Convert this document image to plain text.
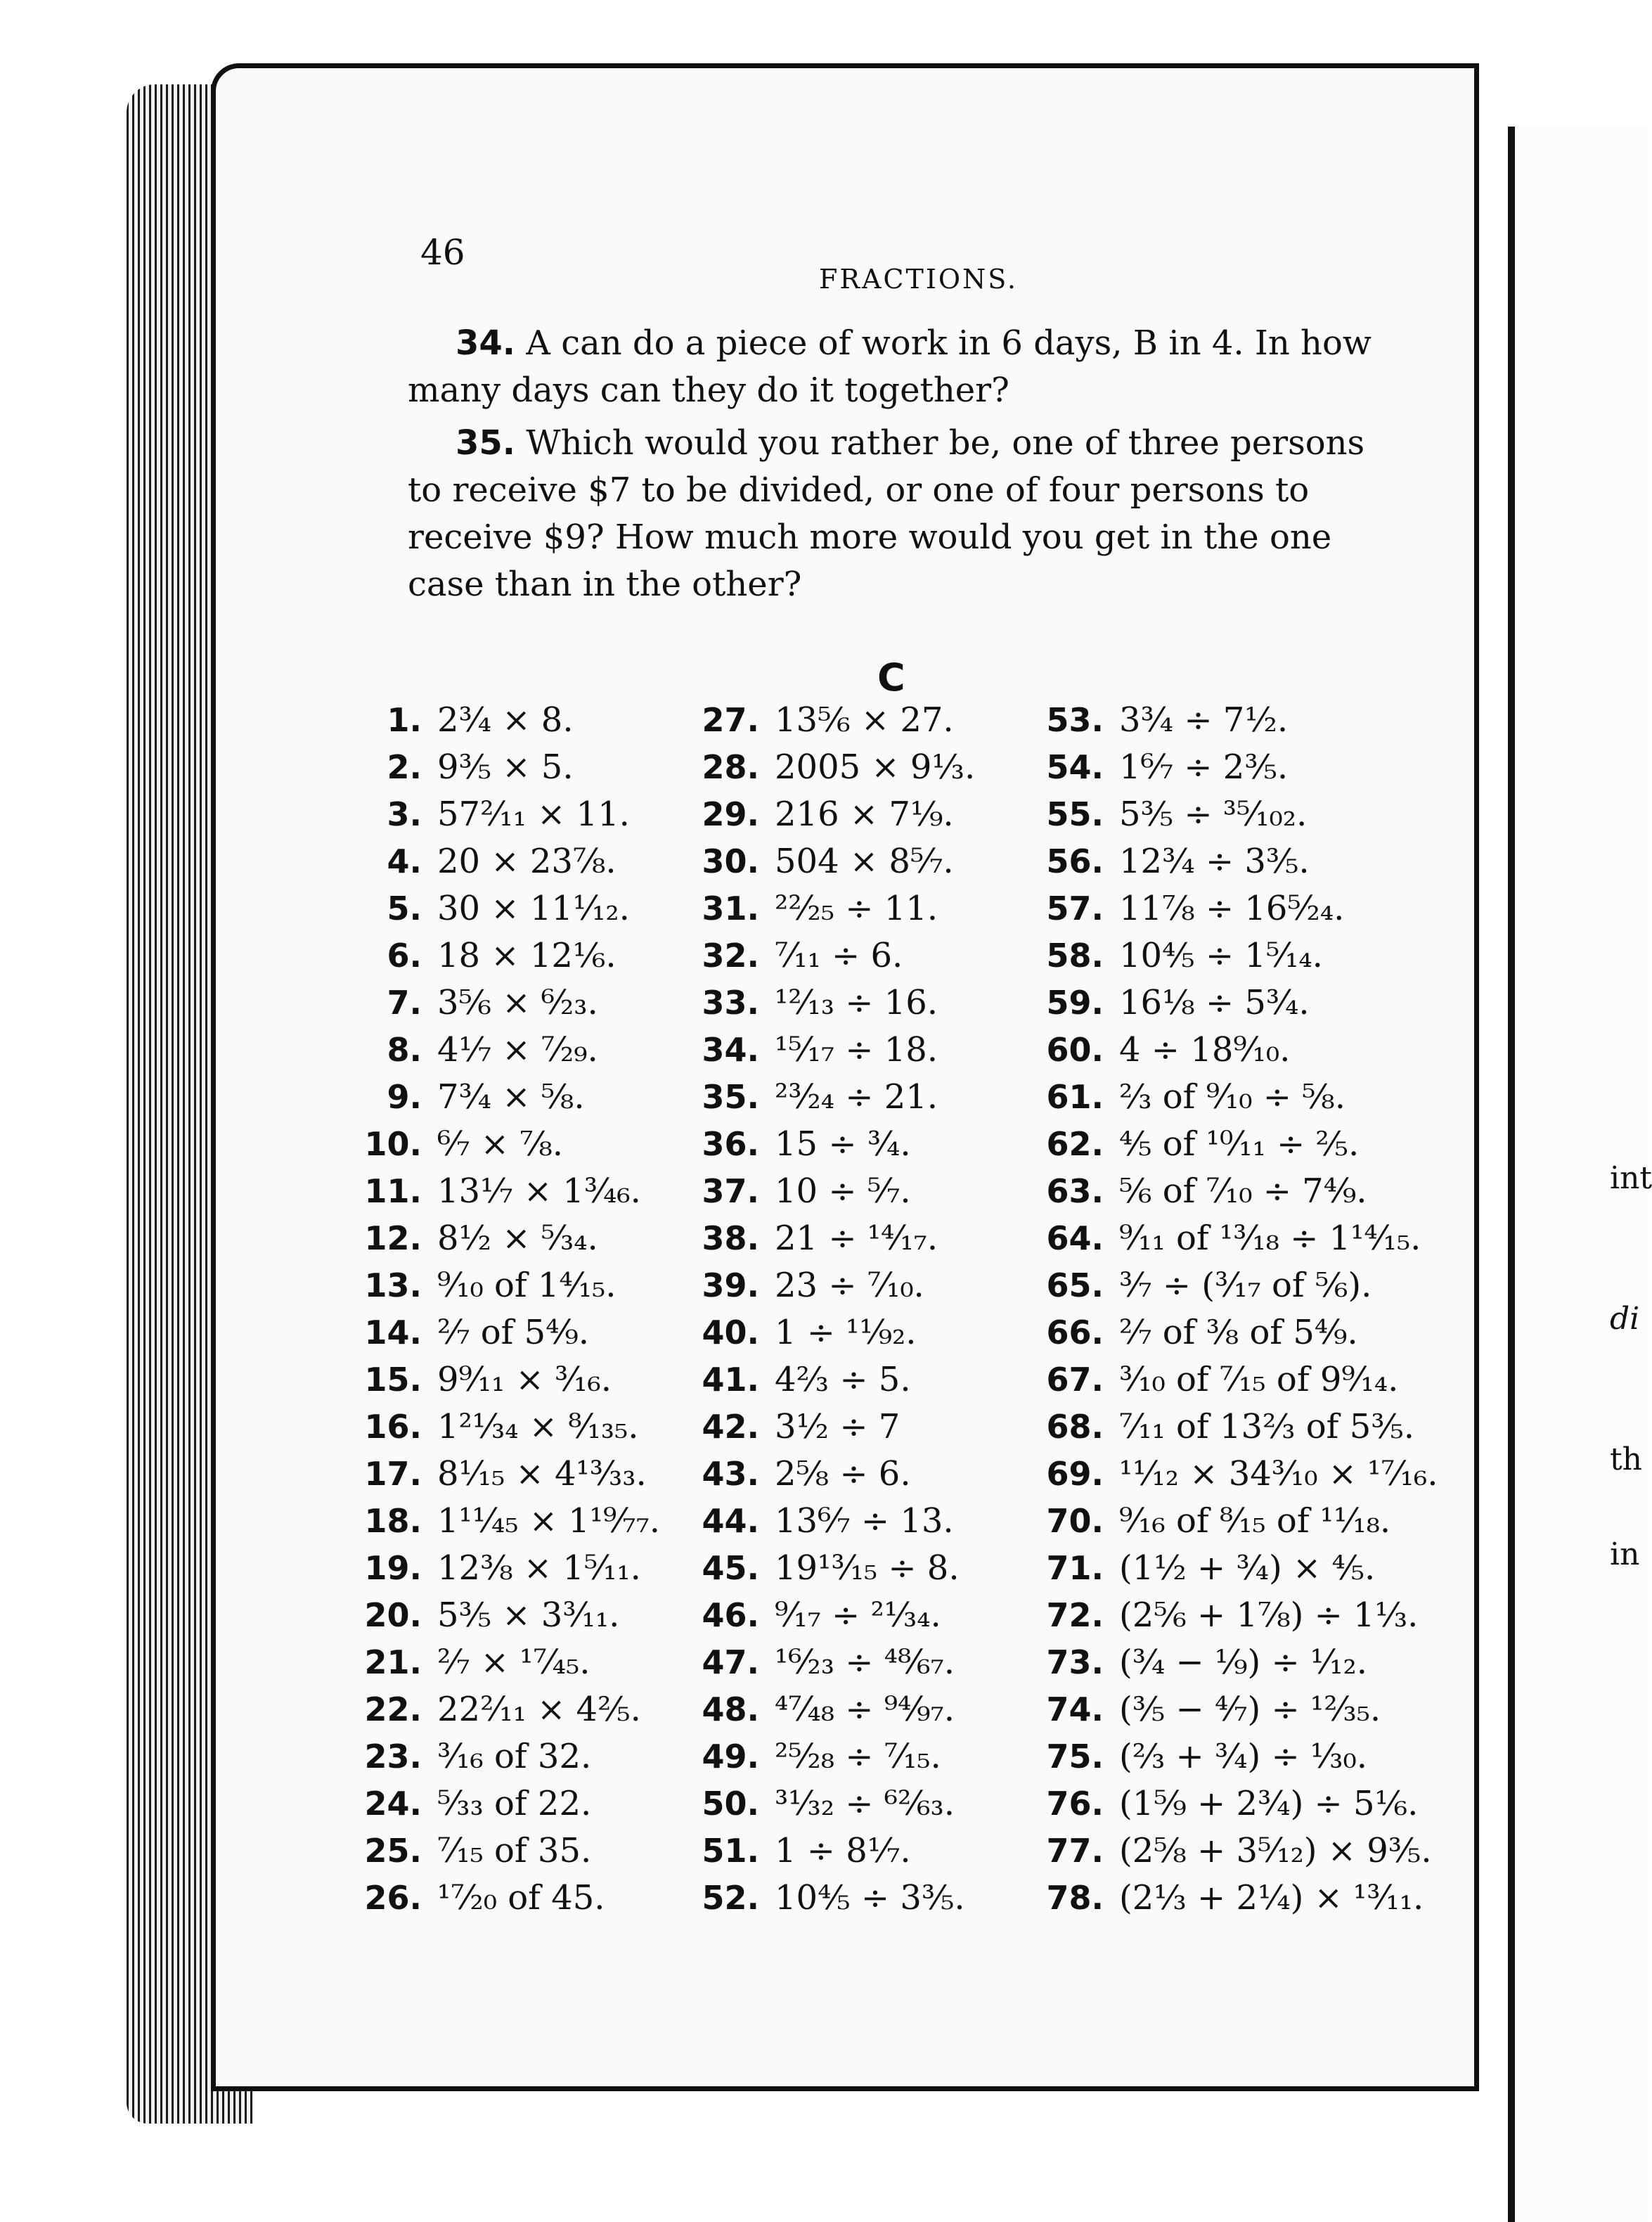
46
FRACTIONS.
34. A can do a piece of work in 6 days, B in 4. In how many days can they do it together?
35. Which would you rather be, one of three persons to receive $7 to be divided, or one of four persons to receive $9? How much more would you get in the one case than in the other?
C
1. 2¾ × 8.
2. 9⅗ × 5.
3. 57²⁄₁₁ × 11.
4. 20 × 23⁷⁄₈.
5. 30 × 11¹⁄₁₂.
6. 18 × 12⅙.
7. 3⅚ × ⁶⁄₂₃.
8. 4⅐ × ⁷⁄₂₉.
9. 7¾ × ⅝.
10. ⁶⁄₇ × ⅞.
11. 13⅐ × 1³⁄₄₆.
12. 8½ × ⁵⁄₃₄.
13. ⁹⁄₁₀ of 1⁴⁄₁₅.
14. ²⁄₇ of 5⁴⁄₉.
15. 9⁹⁄₁₁ × ³⁄₁₆.
16. 1²¹⁄₃₄ × ⁸⁄₁₃₅.
17. 8¹⁄₁₅ × 4¹³⁄₃₃.
18. 1¹¹⁄₄₅ × 1¹⁹⁄₇₇.
19. 12⅜ × 1⁵⁄₁₁.
20. 5⅗ × 3³⁄₁₁.
21. ²⁄₇ × ¹⁷⁄₄₅.
22. 22²⁄₁₁ × 4⅖.
23. ³⁄₁₆ of 32.
24. ⁵⁄₃₃ of 22.
25. ⁷⁄₁₅ of 35.
26. ¹⁷⁄₂₀ of 45.
27. 13⅚ × 27.
28. 2005 × 9⅓.
29. 216 × 7⅑.
30. 504 × 8⁵⁄₇.
31. ²²⁄₂₅ ÷ 11.
32. ⁷⁄₁₁ ÷ 6.
33. ¹²⁄₁₃ ÷ 16.
34. ¹⁵⁄₁₇ ÷ 18.
35. ²³⁄₂₄ ÷ 21.
36. 15 ÷ ¾.
37. 10 ÷ ⁵⁄₇.
38. 21 ÷ ¹⁴⁄₁₇.
39. 23 ÷ ⁷⁄₁₀.
40. 1 ÷ ¹¹⁄₉₂.
41. 4⅔ ÷ 5.
42. 3½ ÷ 7
43. 2⅝ ÷ 6.
44. 13⁶⁄₇ ÷ 13.
45. 19¹³⁄₁₅ ÷ 8.
46. ⁹⁄₁₇ ÷ ²¹⁄₃₄.
47. ¹⁶⁄₂₃ ÷ ⁴⁸⁄₆₇.
48. ⁴⁷⁄₄₈ ÷ ⁹⁴⁄₉₇.
49. ²⁵⁄₂₈ ÷ ⁷⁄₁₅.
50. ³¹⁄₃₂ ÷ ⁶²⁄₆₃.
51. 1 ÷ 8⅐.
52. 10⅘ ÷ 3⅗.
53. 3¾ ÷ 7½.
54. 1⁶⁄₇ ÷ 2⅗.
55. 5⅗ ÷ ³⁵⁄₁₀₂.
56. 12¾ ÷ 3⅗.
57. 11⅞ ÷ 16⁵⁄₂₄.
58. 10⅘ ÷ 1⁵⁄₁₄.
59. 16⅛ ÷ 5¾.
60. 4 ÷ 18⁹⁄₁₀.
61. ⅔ of ⁹⁄₁₀ ÷ ⅝.
62. ⅘ of ¹⁰⁄₁₁ ÷ ⅖.
63. ⅚ of ⁷⁄₁₀ ÷ 7⁴⁄₉.
64. ⁹⁄₁₁ of ¹³⁄₁₈ ÷ 1¹⁴⁄₁₅.
65. ³⁄₇ ÷ (³⁄₁₇ of ⅚).
66. ²⁄₇ of ⅜ of 5⁴⁄₉.
67. ³⁄₁₀ of ⁷⁄₁₅ of 9⁹⁄₁₄.
68. ⁷⁄₁₁ of 13⅔ of 5⅗.
69. ¹¹⁄₁₂ × 34³⁄₁₀ × ¹⁷⁄₁₆.
70. ⁹⁄₁₆ of ⁸⁄₁₅ of ¹¹⁄₁₈.
71. (1½ + ¾) × ⅘.
72. (2⅚ + 1⅞) ÷ 1⅓.
73. (¾ − ⅑) ÷ ¹⁄₁₂.
74. (⅗ − ⁴⁄₇) ÷ ¹²⁄₃₅.
75. (⅔ + ¾) ÷ ¹⁄₃₀.
76. (1⁵⁄₉ + 2¾) ÷ 5⅙.
77. (2⅝ + 3⁵⁄₁₂) × 9⅗.
78. (2⅓ + 2¼) × ¹³⁄₁₁.
int
di
th
in
